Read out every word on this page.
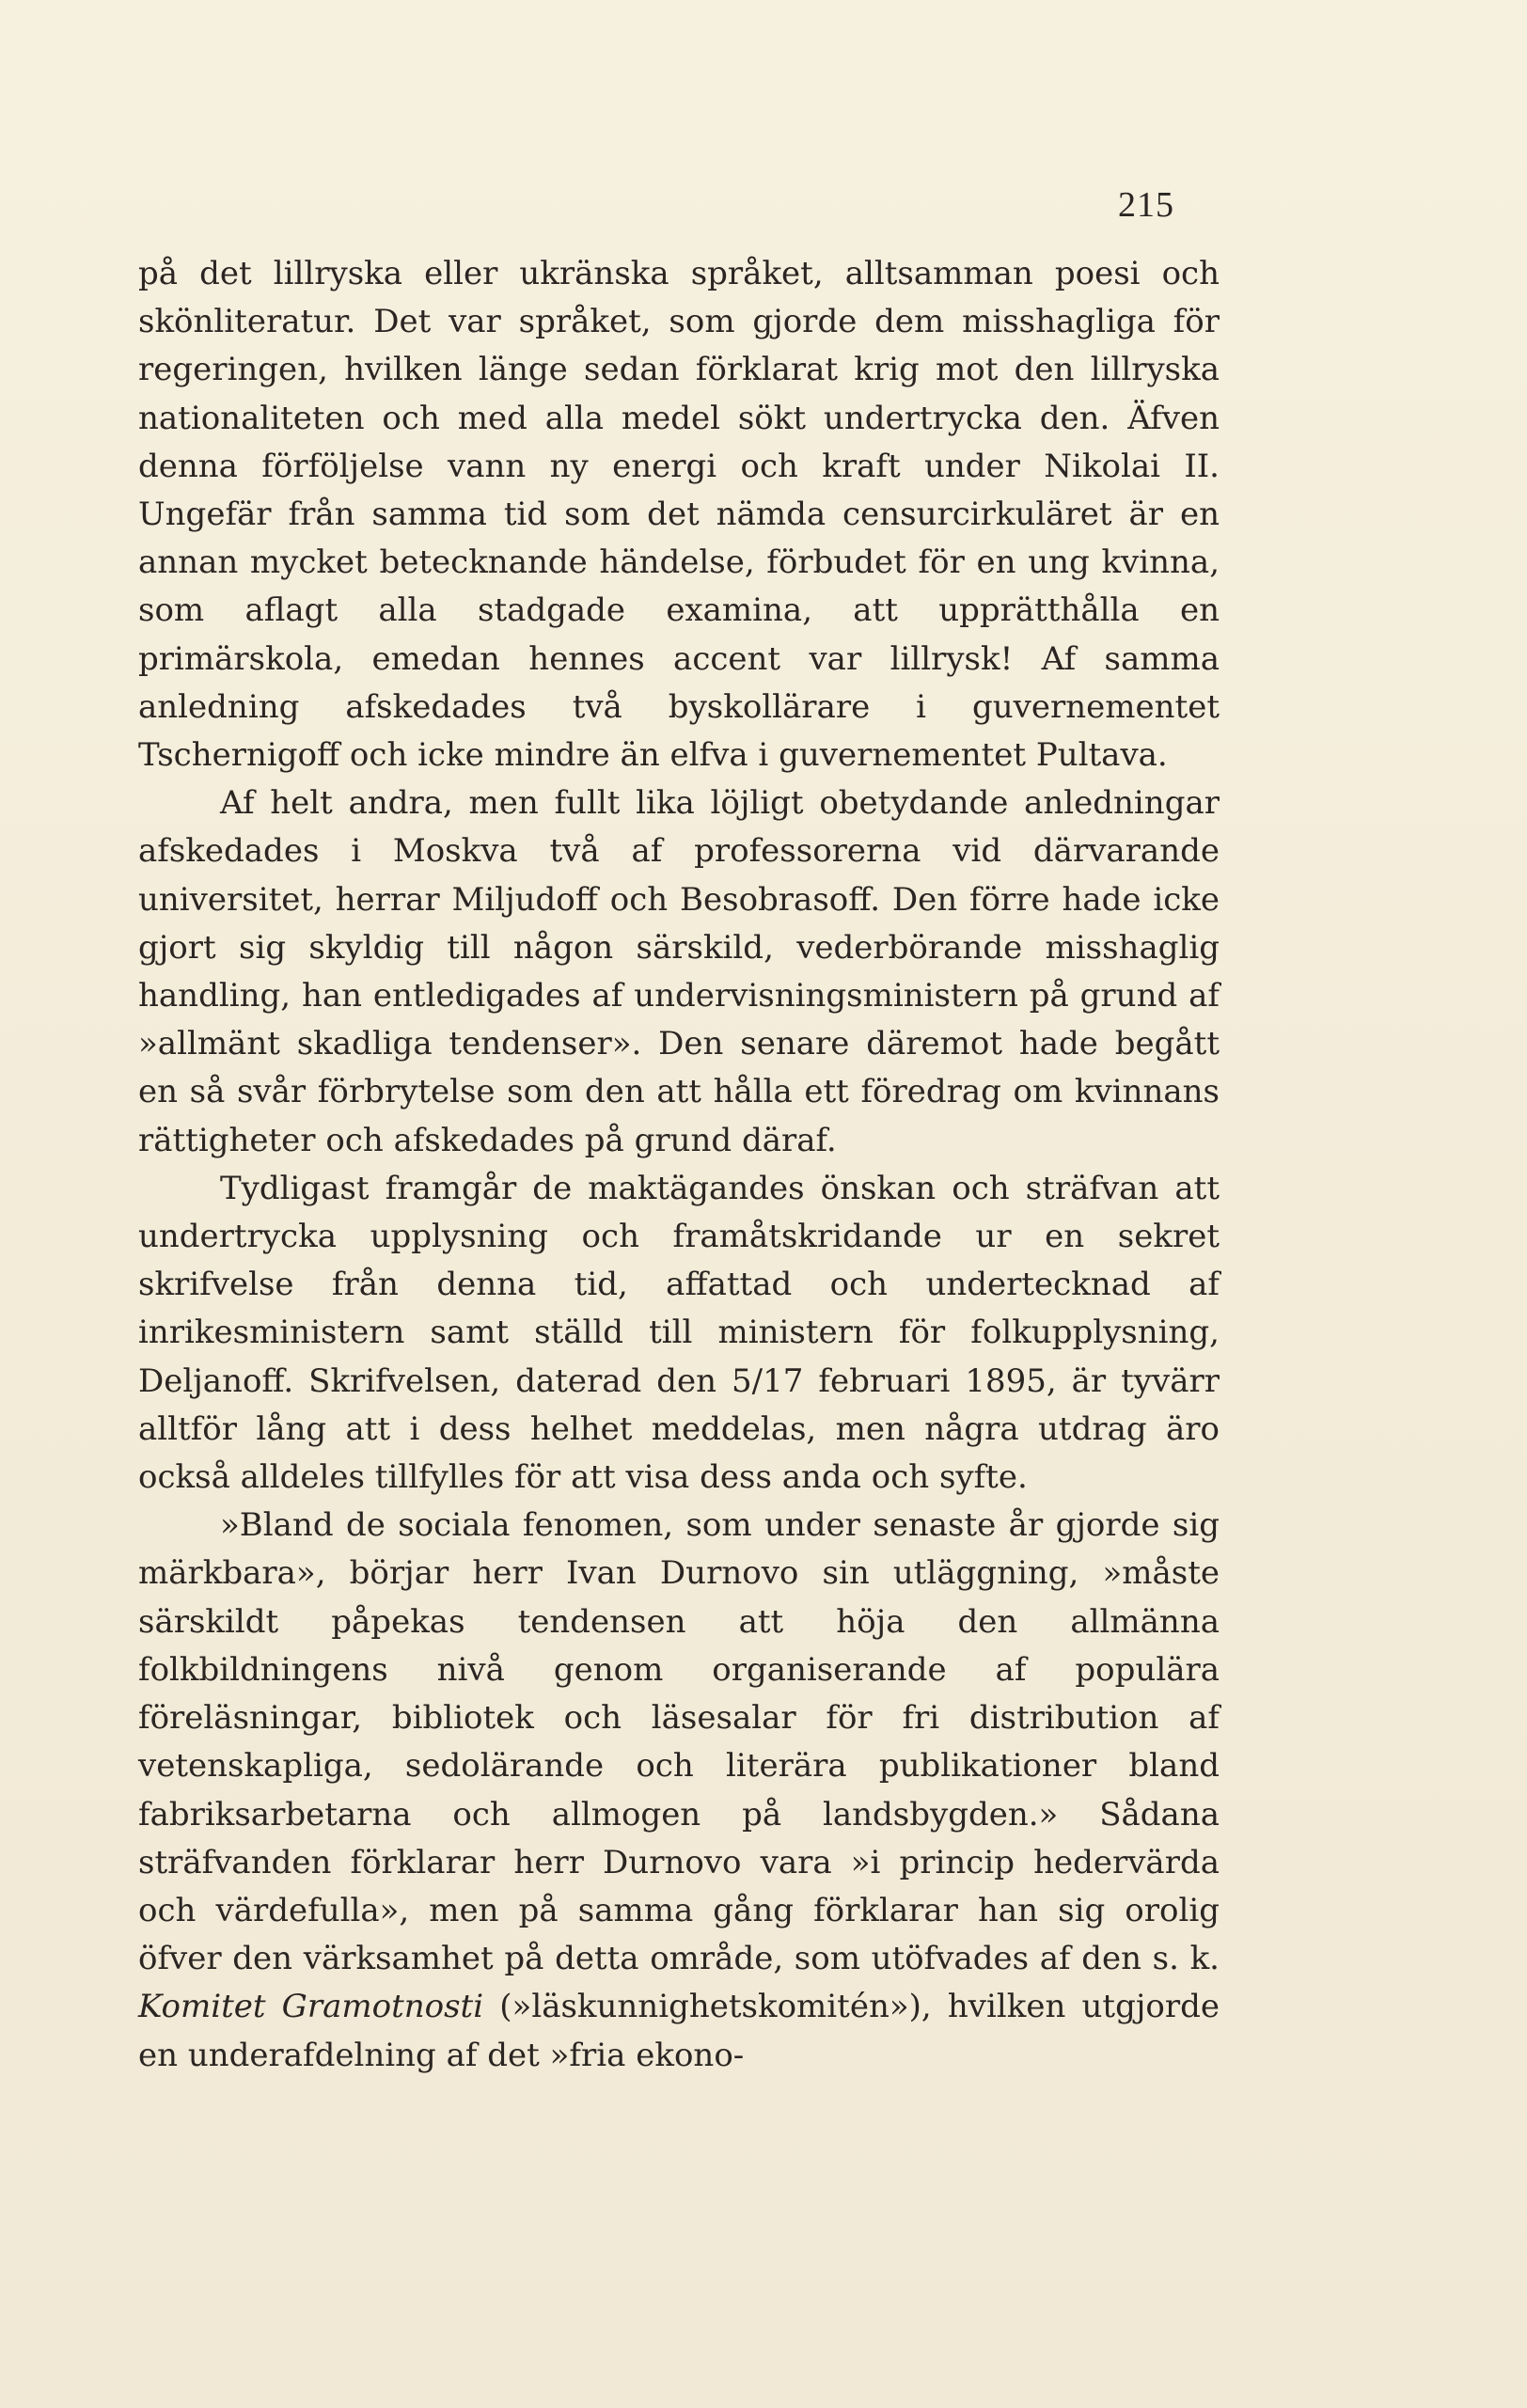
215

på det lillryska eller ukränska språket, alltsamman poesi och skönliteratur. Det var språket, som gjorde dem misshagliga för regeringen, hvilken länge sedan förklarat krig mot den lillryska nationaliteten och med alla medel sökt undertrycka den. Äfven denna förföljelse vann ny energi och kraft under Nikolai II. Ungefär från samma tid som det nämda censurcirkuläret är en annan mycket betecknande händelse, förbudet för en ung kvinna, som aflagt alla stadgade examina, att upprätthålla en primärskola, emedan hennes accent var lillrysk! Af samma anledning afskedades två byskollärare i guvernementet Tschernigoff och icke mindre än elfva i guvernementet Pultava.

Af helt andra, men fullt lika löjligt obetydande anledningar afskedades i Moskva två af professorerna vid därvarande universitet, herrar Miljudoff och Besobrasoff. Den förre hade icke gjort sig skyldig till någon särskild, vederbörande misshaglig handling, han entledigades af undervisningsministern på grund af »allmänt skadliga tendenser». Den senare däremot hade begått en så svår förbrytelse som den att hålla ett föredrag om kvinnans rättigheter och afskedades på grund däraf.

Tydligast framgår de maktägandes önskan och sträfvan att undertrycka upplysning och framåtskridande ur en sekret skrifvelse från denna tid, affattad och undertecknad af inrikesministern samt ställd till ministern för folkupplysning, Deljanoff. Skrifvelsen, daterad den 5/17 februari 1895, är tyvärr alltför lång att i dess helhet meddelas, men några utdrag äro också alldeles tillfylles för att visa dess anda och syfte.

»Bland de sociala fenomen, som under senaste år gjorde sig märkbara», börjar herr Ivan Durnovo sin utläggning, »måste särskildt påpekas tendensen att höja den allmänna folkbildningens nivå genom organiserande af populära föreläsningar, bibliotek och läsesalar för fri distribution af vetenskapliga, sedolärande och literära publikationer bland fabriksarbetarna och allmogen på landsbygden.» Sådana sträfvanden förklarar herr Durnovo vara »i princip hedervärda och värdefulla», men på samma gång förklarar han sig orolig öfver den värksamhet på detta område, som utöfvades af den s. k. Komitet Gramotnosti (»läskunnighetskomitén»), hvilken utgjorde en underafdelning af det »fria ekono-
